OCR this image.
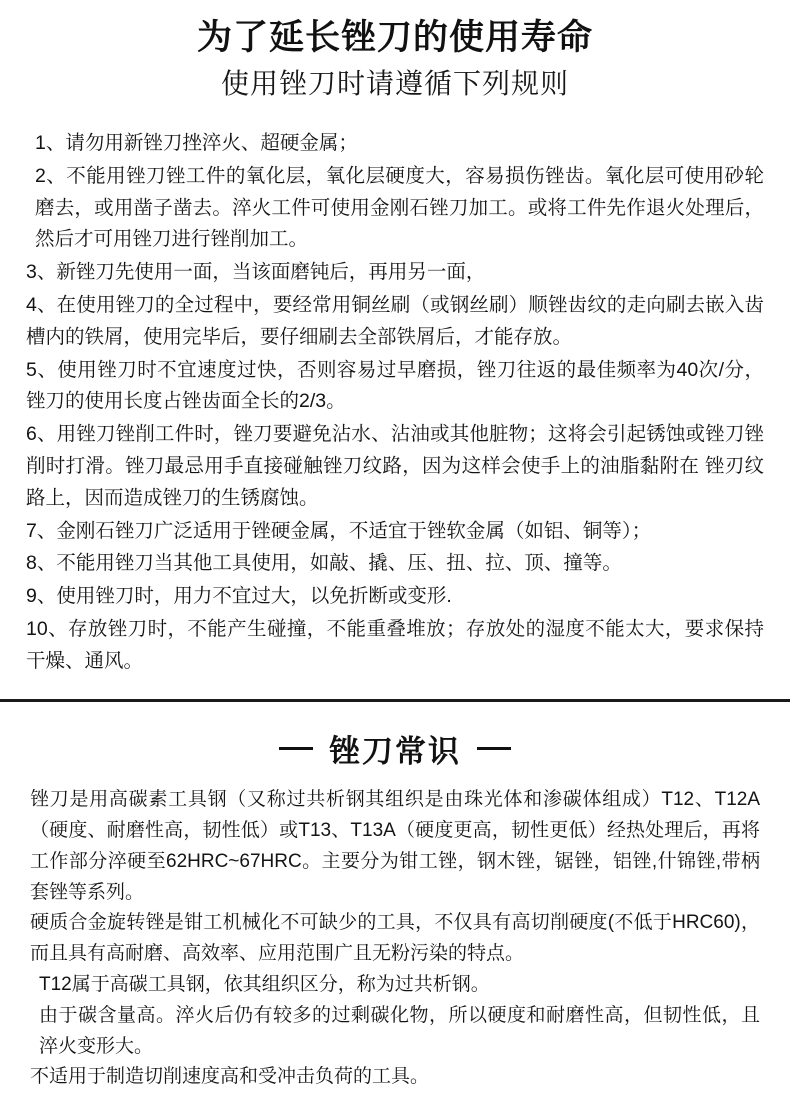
为了延长锉刀的使用寿命
使用锉刀时请遵循下列规则
1、请勿用新锉刀挫淬火、超硬金属；
2、不能用锉刀锉工件的氧化层，氧化层硬度大，容易损伤锉齿。氧化层可使用砂轮磨去，或用凿子凿去。淬火工件可使用金刚石锉刀加工。或将工件先作退火处理后，然后才可用锉刀进行锉削加工。
3、新锉刀先使用一面，当该面磨钝后，再用另一面，
4、在使用锉刀的全过程中，要经常用铜丝刷（或钢丝刷）顺锉齿纹的走向刷去嵌入齿槽内的铁屑，使用完毕后，要仔细刷去全部铁屑后，才能存放。
5、使用锉刀时不宜速度过快，否则容易过早磨损，锉刀往返的最佳频率为40次/分，锉刀的使用长度占锉齿面全长的2/3。
6、用锉刀锉削工件时，锉刀要避免沾水、沾油或其他脏物；这将会引起锈蚀或锉刀锉削时打滑。锉刀最忌用手直接碰触锉刀纹路，因为这样会使手上的油脂黏附在 锉刃纹路上，因而造成锉刀的生锈腐蚀。
7、金刚石锉刀广泛适用于锉硬金属，不适宜于锉软金属（如铝、铜等）；
8、不能用锉刀当其他工具使用，如敲、撬、压、扭、拉、顶、撞等。
9、使用锉刀时，用力不宜过大，以免折断或变形.
10、存放锉刀时，不能产生碰撞，不能重叠堆放；存放处的湿度不能太大，要求保持干燥、通风。
锉刀常识

锉刀是用高碳素工具钢（又称过共析钢其组织是由珠光体和渗碳体组成）T12、T12A（硬度、耐磨性高，韧性低）或T13、T13A（硬度更高，韧性更低）经热处理后，再将工作部分淬硬至62HRC~67HRC。主要分为钳工锉，钢木锉，锯锉，铝锉,什锦锉,带柄套锉等系列。

硬质合金旋转锉是钳工机械化不可缺少的工具，不仅具有高切削硬度(不低于HRC60)，而且具有高耐磨、高效率、应用范围广且无粉污染的特点。

T12属于高碳工具钢，依其组织区分，称为过共析钢。

由于碳含量高。淬火后仍有较多的过剩碳化物，所以硬度和耐磨性高，但韧性低，且淬火变形大。

不适用于制造切削速度高和受冲击负荷的工具。
